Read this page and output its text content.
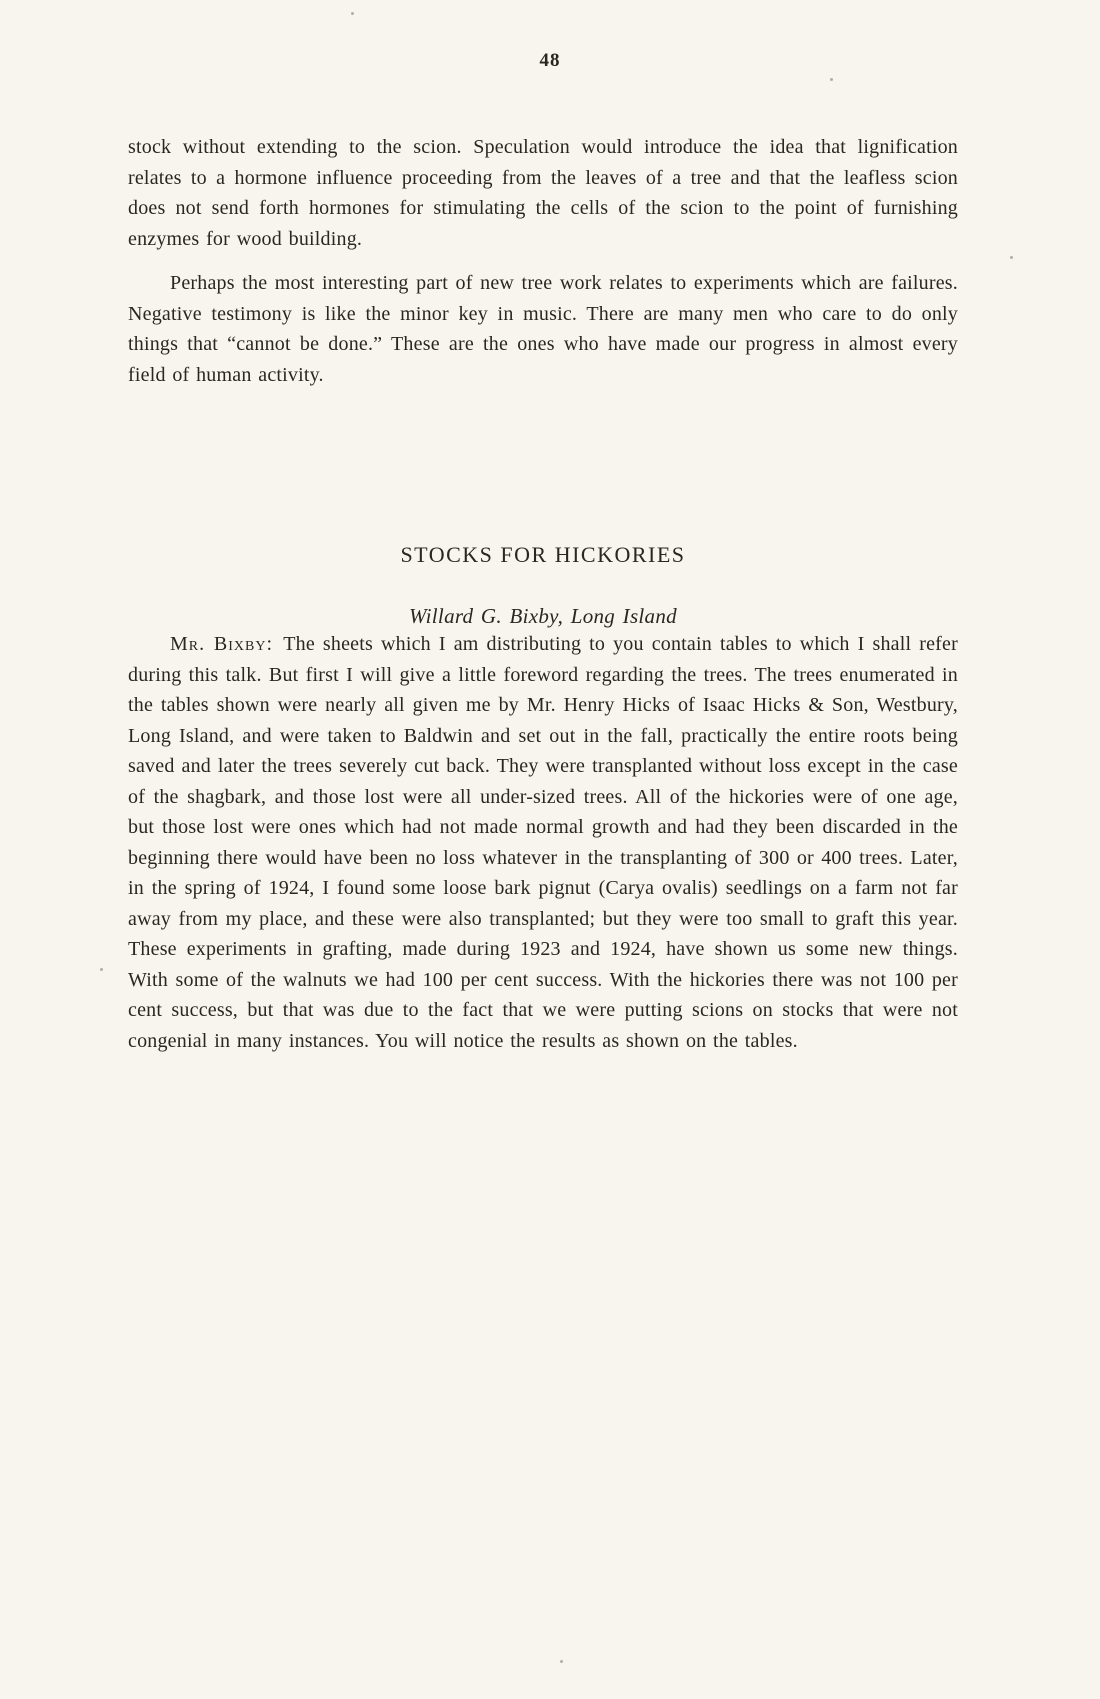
48

stock without extending to the scion. Speculation would introduce the idea that lignification relates to a hormone influence proceeding from the leaves of a tree and that the leafless scion does not send forth hormones for stimulating the cells of the scion to the point of furnishing enzymes for wood building.

Perhaps the most interesting part of new tree work relates to experiments which are failures. Negative testimony is like the minor key in music. There are many men who care to do only things that “cannot be done.” These are the ones who have made our progress in almost every field of human activity.

STOCKS FOR HICKORIES
Willard G. Bixby, Long Island

Mr. Bixby:  The sheets which I am distributing to you contain tables to which I shall refer during this talk. But first I will give a little foreword regarding the trees. The trees enumerated in the tables shown were nearly all given me by Mr. Henry Hicks of Isaac Hicks & Son, Westbury, Long Island, and were taken to Baldwin and set out in the fall, practically the entire roots being saved and later the trees severely cut back. They were transplanted without loss except in the case of the shagbark, and those lost were all under-sized trees. All of the hickories were of one age, but those lost were ones which had not made normal growth and had they been discarded in the beginning there would have been no loss whatever in the transplanting of 300 or 400 trees. Later, in the spring of 1924, I found some loose bark pignut (Carya ovalis) seedlings on a farm not far away from my place, and these were also transplanted; but they were too small to graft this year. These experiments in grafting, made during 1923 and 1924, have shown us some new things. With some of the walnuts we had 100 per cent success. With the hickories there was not 100 per cent success, but that was due to the fact that we were putting scions on stocks that were not congenial in many instances. You will notice the results as shown on the tables.
